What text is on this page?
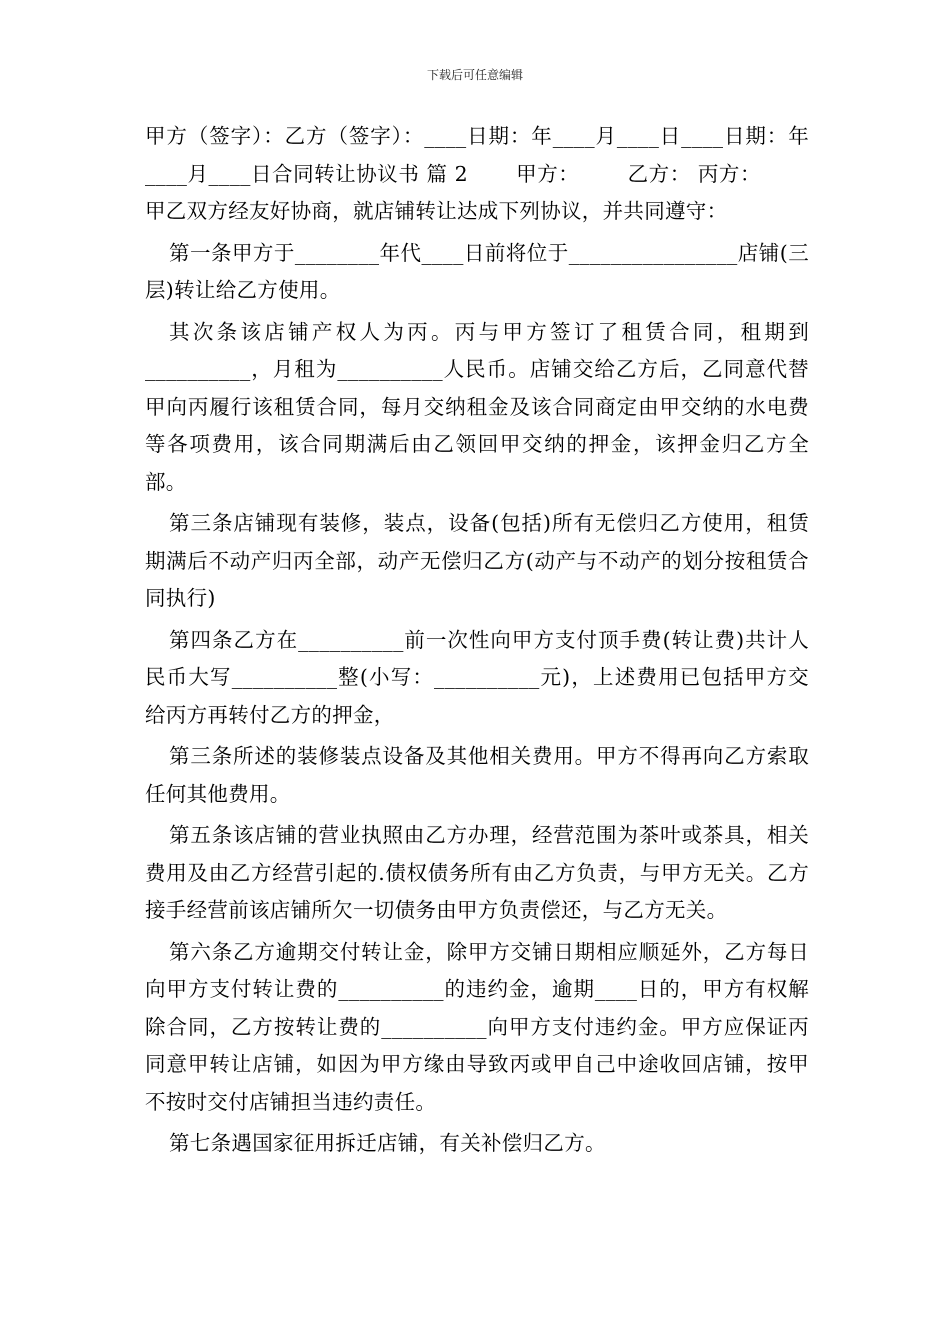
下载后可任意编辑

甲方（签字）：乙方（签字）：____日期：年____月____日____日期：年____月____日合同转让协议书 篇 2 甲方： 乙方： 丙方：甲乙双方经友好协商，就店铺转让达成下列协议，并共同遵守：

第一条甲方于________年代____日前将位于________________店铺(三层)转让给乙方使用。

其次条该店铺产权人为丙。丙与甲方签订了租赁合同，租期到__________，月租为__________人民币。店铺交给乙方后，乙同意代替甲向丙履行该租赁合同，每月交纳租金及该合同商定由甲交纳的水电费等各项费用，该合同期满后由乙领回甲交纳的押金，该押金归乙方全部。

第三条店铺现有装修，装点，设备(包括)所有无偿归乙方使用，租赁期满后不动产归丙全部，动产无偿归乙方(动产与不动产的划分按租赁合同执行)

第四条乙方在__________前一次性向甲方支付顶手费(转让费)共计人民币大写__________整(小写：__________元)，上述费用已包括甲方交给丙方再转付乙方的押金，

第三条所述的装修装点设备及其他相关费用。甲方不得再向乙方索取任何其他费用。

第五条该店铺的营业执照由乙方办理，经营范围为茶叶或茶具，相关费用及由乙方经营引起的.债权债务所有由乙方负责，与甲方无关。乙方接手经营前该店铺所欠一切债务由甲方负责偿还，与乙方无关。

第六条乙方逾期交付转让金，除甲方交铺日期相应顺延外，乙方每日向甲方支付转让费的__________的违约金，逾期____日的，甲方有权解除合同，乙方按转让费的__________向甲方支付违约金。甲方应保证丙同意甲转让店铺，如因为甲方缘由导致丙或甲自己中途收回店铺，按甲不按时交付店铺担当违约责任。

第七条遇国家征用拆迁店铺，有关补偿归乙方。
